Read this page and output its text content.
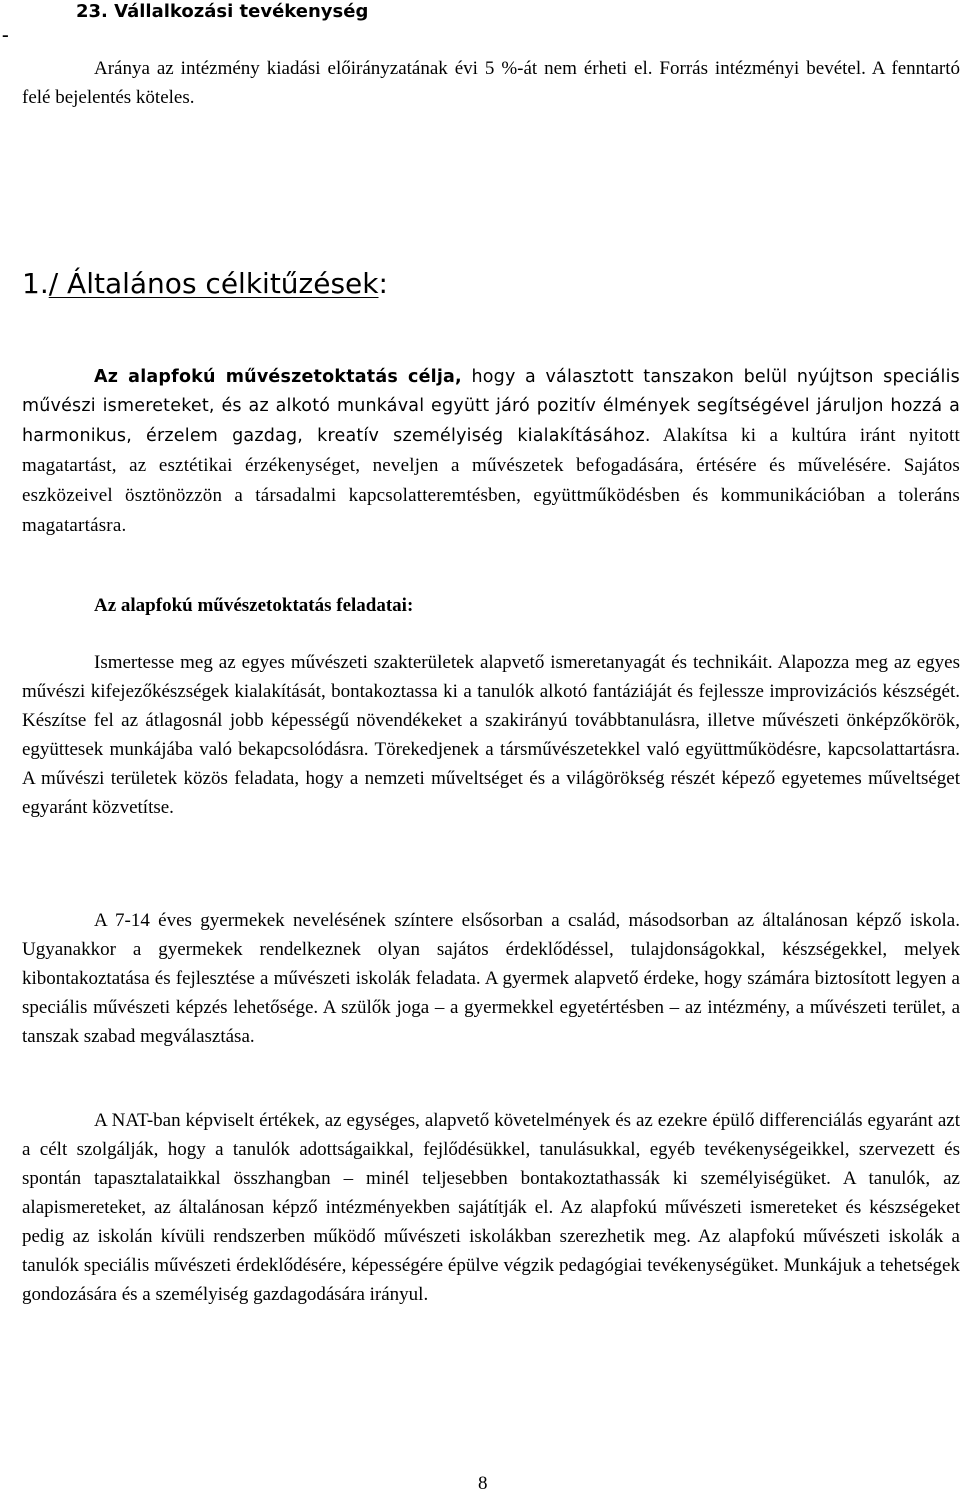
-
23. Vállalkozási tevékenység
Aránya az intézmény kiadási előirányzatának évi 5 %-át nem érheti el. Forrás intézményi bevétel. A fenntartó felé bejelentés köteles.
1./ Általános célkitűzések:
Az alapfokú művészetoktatás célja, hogy a választott tanszakon belül nyújtson speciális művészi ismereteket, és az alkotó munkával együtt járó pozitív élmények segítségével járuljon hozzá a harmonikus, érzelem gazdag, kreatív személyiség kialakításához. Alakítsa ki a kultúra iránt nyitott magatartást, az esztétikai érzékenységet, neveljen a művészetek befogadására, értésére és művelésére. Sajátos eszközeivel ösztönözzön a társadalmi kapcsolatteremtésben, együttműködésben és kommunikációban a toleráns magatartásra.
Az alapfokú művészetoktatás feladatai:
Ismertesse meg az egyes művészeti szakterületek alapvető ismeretanyagát és technikáit. Alapozza meg az egyes művészi kifejezőkészségek kialakítását, bontakoztassa ki a tanulók alkotó fantáziáját és fejlessze improvizációs készségét. Készítse fel az átlagosnál jobb képességű növendékeket a szakirányú továbbtanulásra, illetve művészeti önképzőkörök, együttesek munkájába való bekapcsolódásra. Törekedjenek a társművészetekkel való együttműködésre, kapcsolattartásra. A művészi területek közös feladata, hogy a nemzeti műveltséget és a világörökség részét képező egyetemes műveltséget egyaránt közvetítse.
A 7-14 éves gyermekek nevelésének színtere elsősorban a család, másodsorban az általánosan képző iskola. Ugyanakkor a gyermekek rendelkeznek olyan sajátos érdeklődéssel, tulajdonságokkal, készségekkel, melyek kibontakoztatása és fejlesztése a művészeti iskolák feladata. A gyermek alapvető érdeke, hogy számára biztosított legyen a speciális művészeti képzés lehetősége. A szülők joga – a gyermekkel egyetértésben – az intézmény, a művészeti terület, a tanszak szabad megválasztása.
A NAT-ban képviselt értékek, az egységes, alapvető követelmények és az ezekre épülő differenciálás egyaránt azt a célt szolgálják, hogy a tanulók adottságaikkal, fejlődésükkel, tanulásukkal, egyéb tevékenységeikkel, szervezett és spontán tapasztalataikkal összhangban – minél teljesebben bontakoztathassák ki személyiségüket. A tanulók, az alapismereteket, az általánosan képző intézményekben sajátítják el. Az alapfokú művészeti ismereteket és készségeket pedig az iskolán kívüli rendszerben működő művészeti iskolákban szerezhetik meg. Az alapfokú művészeti iskolák a tanulók speciális művészeti érdeklődésére, képességére épülve végzik pedagógiai tevékenységüket. Munkájuk a tehetségek gondozására és a személyiség gazdagodására irányul.
8
